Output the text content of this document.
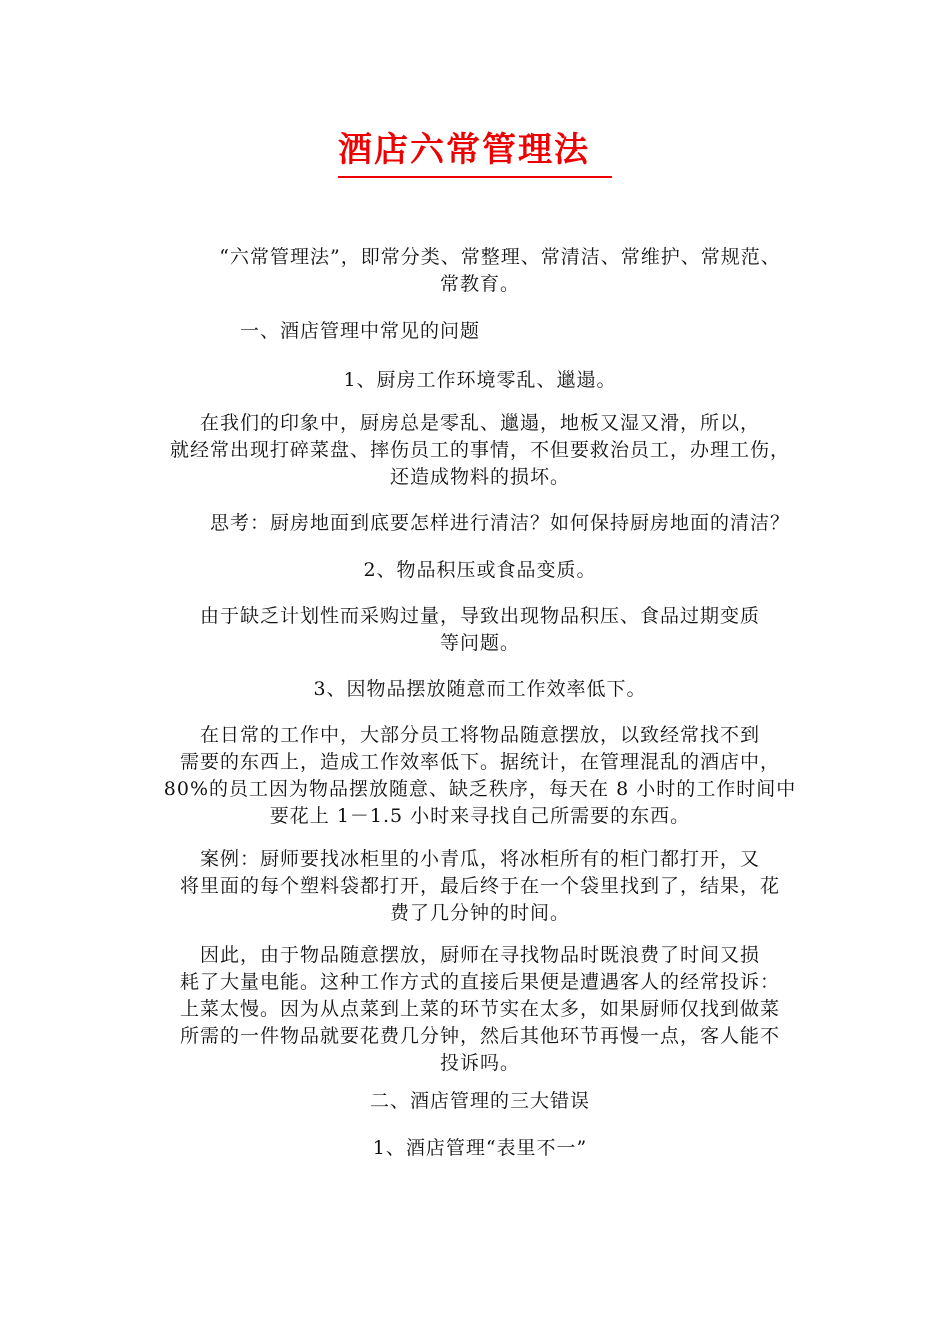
酒店六常管理法
“六常管理法”，即常分类、常整理、常清洁、常维护、常规范、
常教育。
一、酒店管理中常见的问题
1、厨房工作环境零乱、邋遢。
在我们的印象中，厨房总是零乱、邋遢，地板又湿又滑，所以，
就经常出现打碎菜盘、摔伤员工的事情，不但要救治员工，办理工伤，
还造成物料的损坏。
思考：厨房地面到底要怎样进行清洁？如何保持厨房地面的清洁？
2、物品积压或食品变质。
由于缺乏计划性而采购过量，导致出现物品积压、食品过期变质
等问题。
3、因物品摆放随意而工作效率低下。
在日常的工作中，大部分员工将物品随意摆放，以致经常找不到
需要的东西上，造成工作效率低下。据统计，在管理混乱的酒店中，
80%的员工因为物品摆放随意、缺乏秩序，每天在 8 小时的工作时间中
要花上 1－1.5 小时来寻找自己所需要的东西。
案例：厨师要找冰柜里的小青瓜，将冰柜所有的柜门都打开，又
将里面的每个塑料袋都打开，最后终于在一个袋里找到了，结果，花
费了几分钟的时间。
因此，由于物品随意摆放，厨师在寻找物品时既浪费了时间又损
耗了大量电能。这种工作方式的直接后果便是遭遇客人的经常投诉：
上菜太慢。因为从点菜到上菜的环节实在太多，如果厨师仅找到做菜
所需的一件物品就要花费几分钟，然后其他环节再慢一点，客人能不
投诉吗。
二、酒店管理的三大错误
1、酒店管理“表里不一”
